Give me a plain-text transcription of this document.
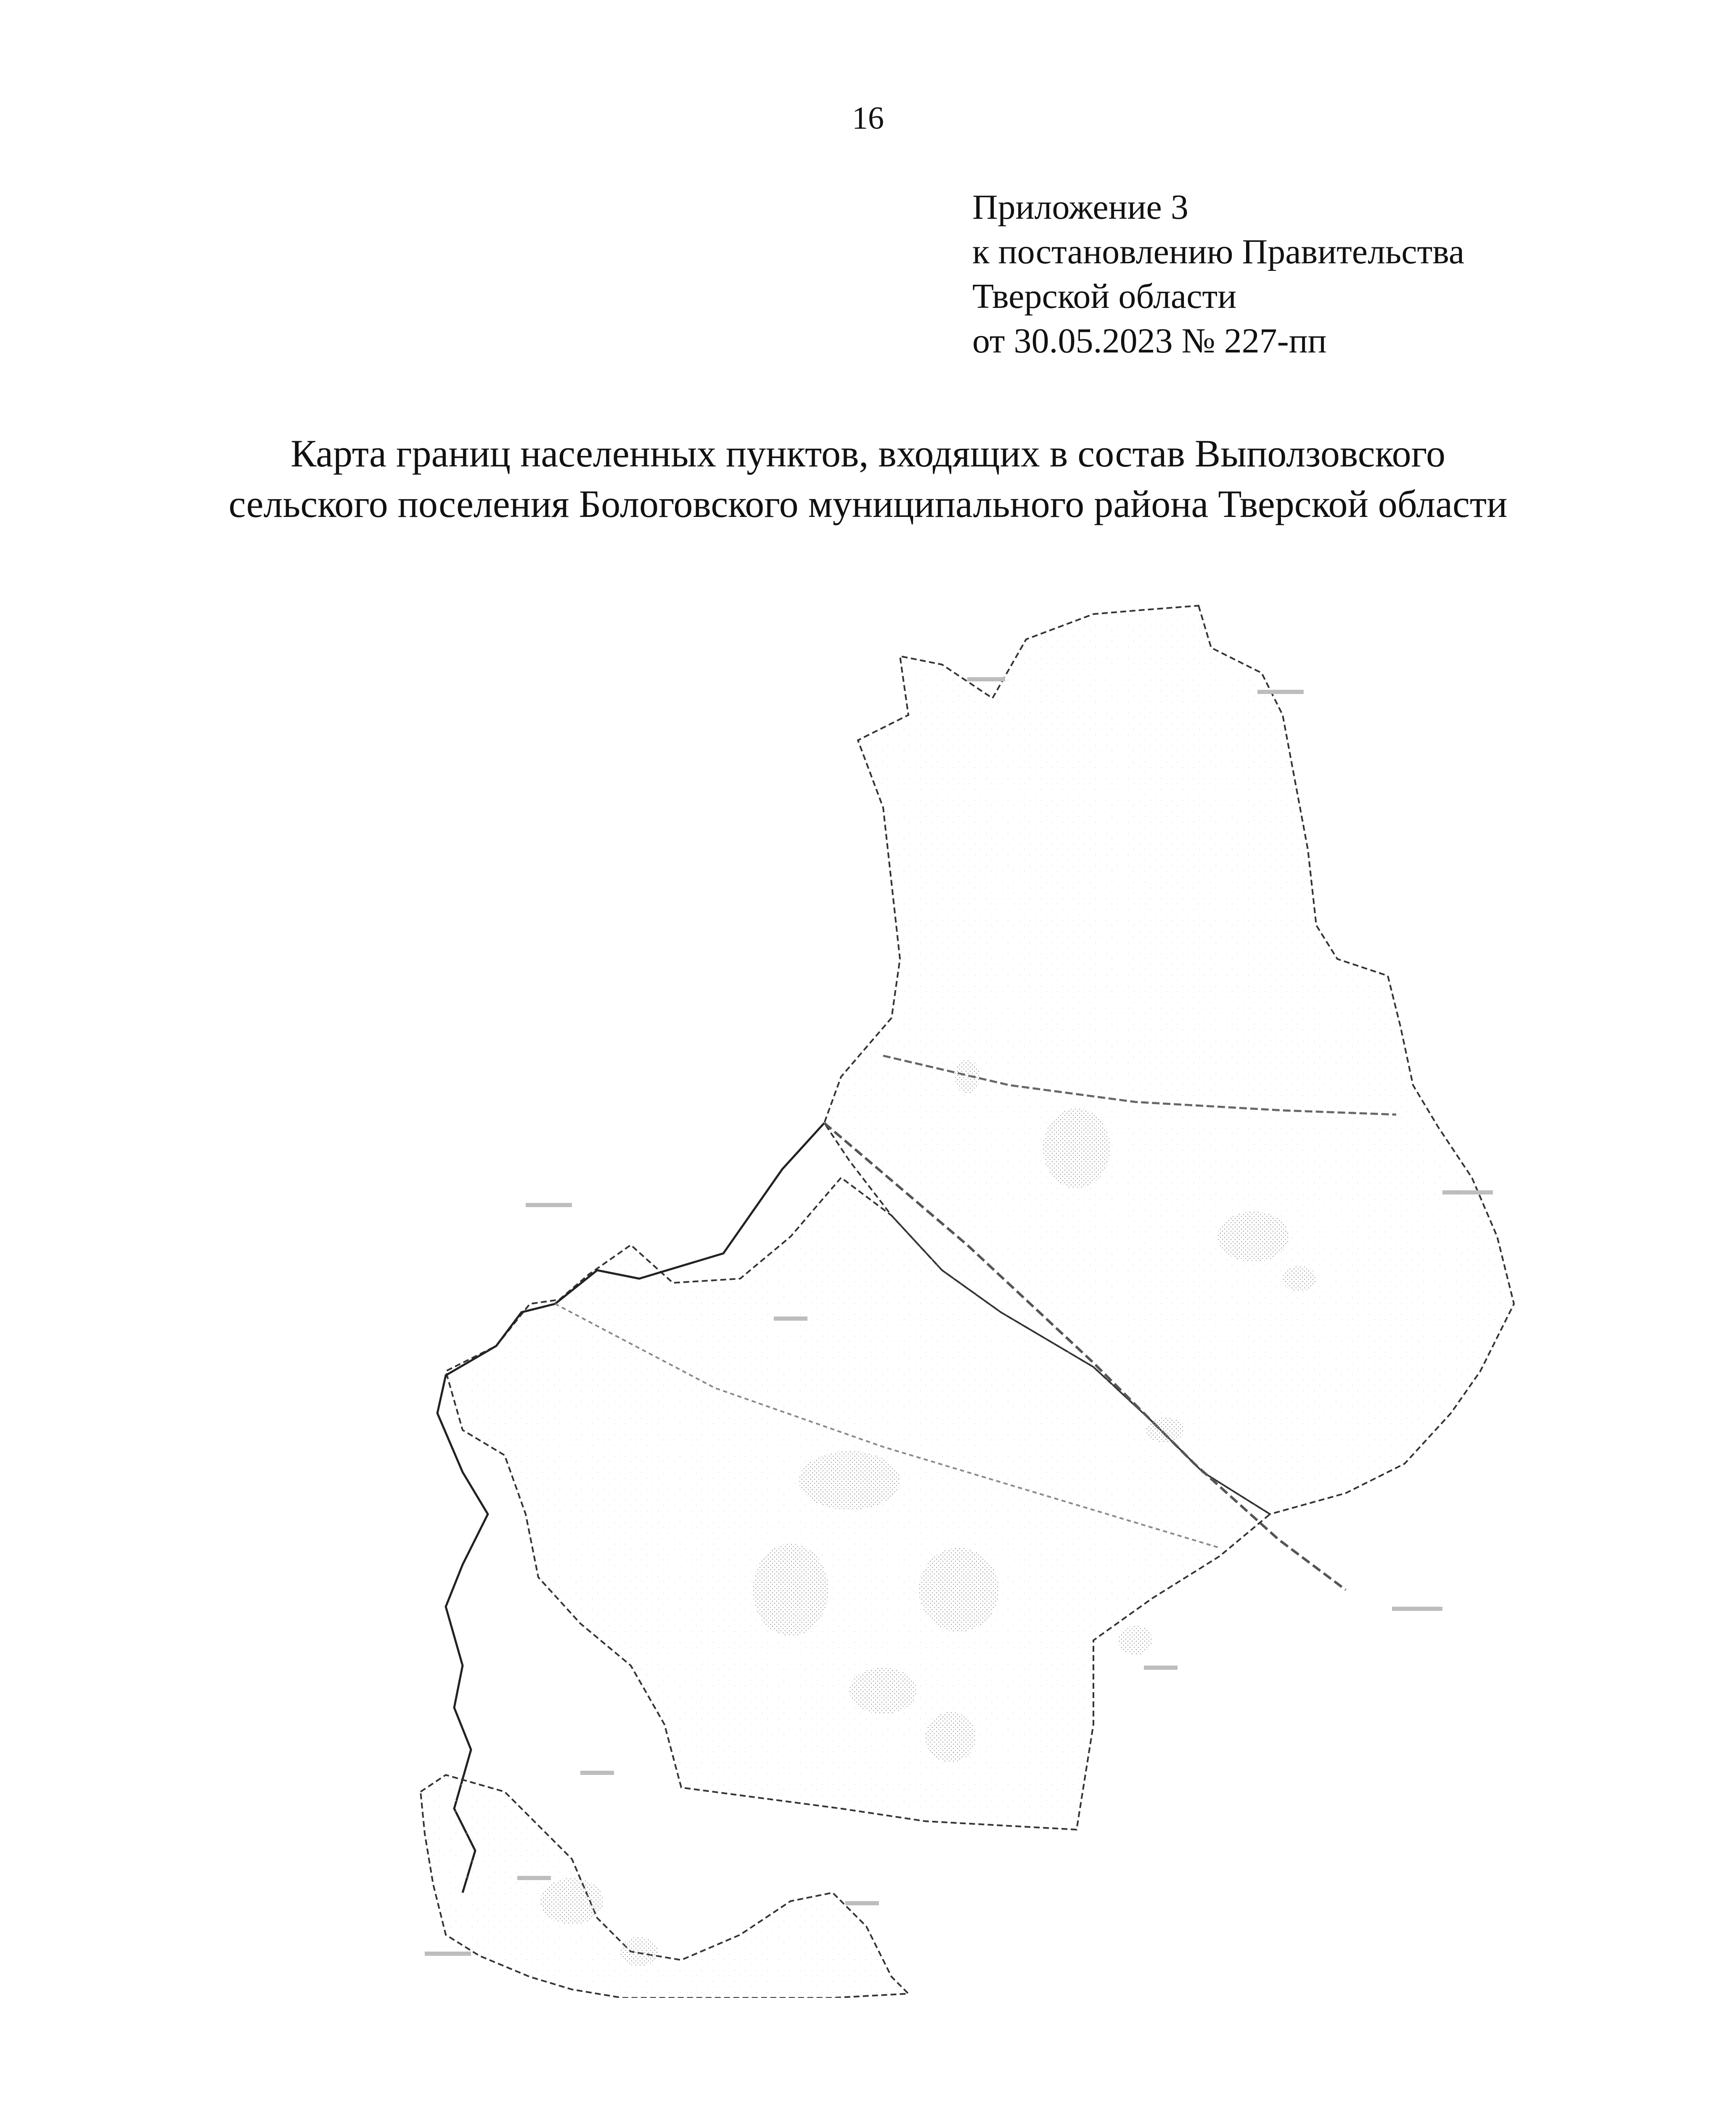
16
Приложение 3
к постановлению Правительства
Тверской области
от 30.05.2023 № 227-пп
Карта границ населенных пунктов, входящих в состав Выползовского
сельского поселения Бологовского муниципального района Тверской области
